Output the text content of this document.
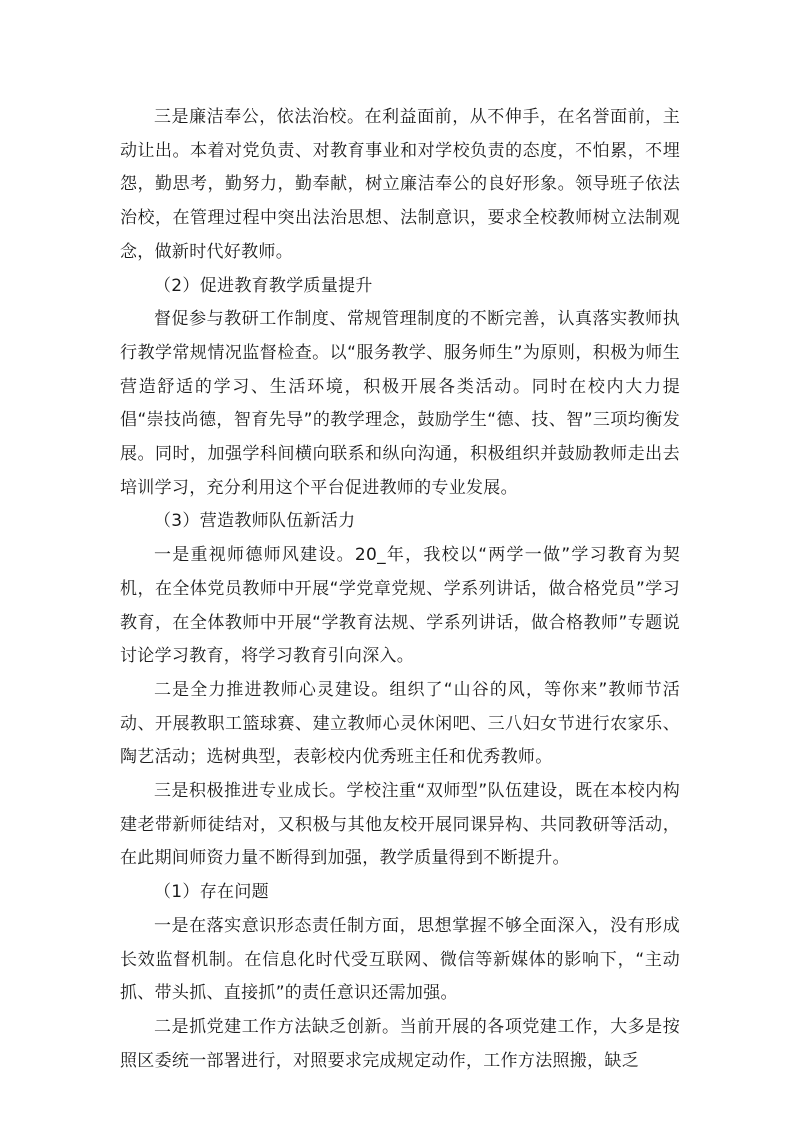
三是廉洁奉公，依法治校。在利益面前，从不伸手，在名誉面前，主动让出。本着对党负责、对教育事业和对学校负责的态度，不怕累，不埋怨，勤思考，勤努力，勤奉献，树立廉洁奉公的良好形象。领导班子依法治校，在管理过程中突出法治思想、法制意识，要求全校教师树立法制观念，做新时代好教师。

（2）促进教育教学质量提升

督促参与教研工作制度、常规管理制度的不断完善，认真落实教师执行教学常规情况监督检查。以“服务教学、服务师生”为原则，积极为师生营造舒适的学习、生活环境，积极开展各类活动。同时在校内大力提倡“崇技尚德，智育先导”的教学理念，鼓励学生“德、技、智”三项均衡发展。同时，加强学科间横向联系和纵向沟通，积极组织并鼓励教师走出去培训学习，充分利用这个平台促进教师的专业发展。

（3）营造教师队伍新活力

一是重视师德师风建设。20_年，我校以“两学一做”学习教育为契机，在全体党员教师中开展“学党章党规、学系列讲话，做合格党员”学习教育，在全体教师中开展“学教育法规、学系列讲话，做合格教师”专题说讨论学习教育，将学习教育引向深入。

二是全力推进教师心灵建设。组织了“山谷的风，等你来”教师节活动、开展教职工篮球赛、建立教师心灵休闲吧、三八妇女节进行农家乐、陶艺活动；选树典型，表彰校内优秀班主任和优秀教师。

三是积极推进专业成长。学校注重“双师型”队伍建设，既在本校内构建老带新师徒结对，又积极与其他友校开展同课异构、共同教研等活动，在此期间师资力量不断得到加强，教学质量得到不断提升。

（1）存在问题

一是在落实意识形态责任制方面，思想掌握不够全面深入，没有形成长效监督机制。在信息化时代受互联网、微信等新媒体的影响下，“主动抓、带头抓、直接抓”的责任意识还需加强。

二是抓党建工作方法缺乏创新。当前开展的各项党建工作，大多是按照区委统一部署进行，对照要求完成规定动作，工作方法照搬，缺乏
